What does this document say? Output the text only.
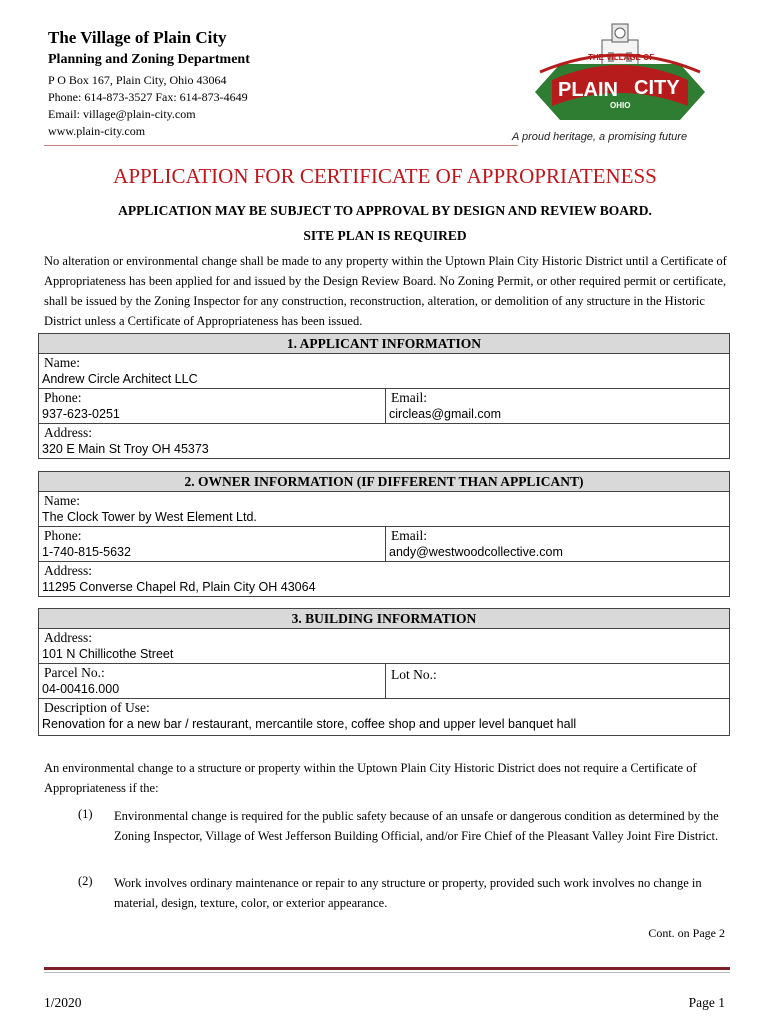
The Village of Plain City
Planning and Zoning Department
P O Box 167, Plain City, Ohio 43064
Phone: 614-873-3527 Fax: 614-873-4649
Email: village@plain-city.com
www.plain-city.com
THE VILLAGE OF
PLAIN CITY
OHIO
A proud heritage, a promising future
APPLICATION FOR CERTIFICATE OF APPROPRIATENESS
APPLICATION MAY BE SUBJECT TO APPROVAL BY DESIGN AND REVIEW BOARD.
SITE PLAN IS REQUIRED
No alteration or environmental change shall be made to any property within the Uptown Plain City Historic District until a Certificate of Appropriateness has been applied for and issued by the Design Review Board. No Zoning Permit, or other required permit or certificate, shall be issued by the Zoning Inspector for any construction, reconstruction, alteration, or demolition of any structure in the Historic District unless a Certificate of Appropriateness has been issued.
1. APPLICANT INFORMATION
Name:
Andrew Circle Architect LLC
Phone:
937-623-0251
Email:
circleas@gmail.com
Address:
320 E Main St Troy OH 45373
2. OWNER INFORMATION (IF DIFFERENT THAN APPLICANT)
Name:
The Clock Tower by West Element Ltd.
Phone:
1-740-815-5632
Email:
andy@westwoodcollective.com
Address:
11295 Converse Chapel Rd, Plain City OH 43064
3. BUILDING INFORMATION
Address:
101 N Chillicothe Street
Parcel No.:
04-00416.000
Lot No.:
Description of Use:
Renovation for a new bar / restaurant, mercantile store, coffee shop and upper level banquet hall
An environmental change to a structure or property within the Uptown Plain City Historic District does not require a Certificate of Appropriateness if the:
(1) Environmental change is required for the public safety because of an unsafe or dangerous condition as determined by the Zoning Inspector, Village of West Jefferson Building Official, and/or Fire Chief of the Pleasant Valley Joint Fire District.
(2) Work involves ordinary maintenance or repair to any structure or property, provided such work involves no change in material, design, texture, color, or exterior appearance.
Cont. on Page 2
1/2020	Page 1
